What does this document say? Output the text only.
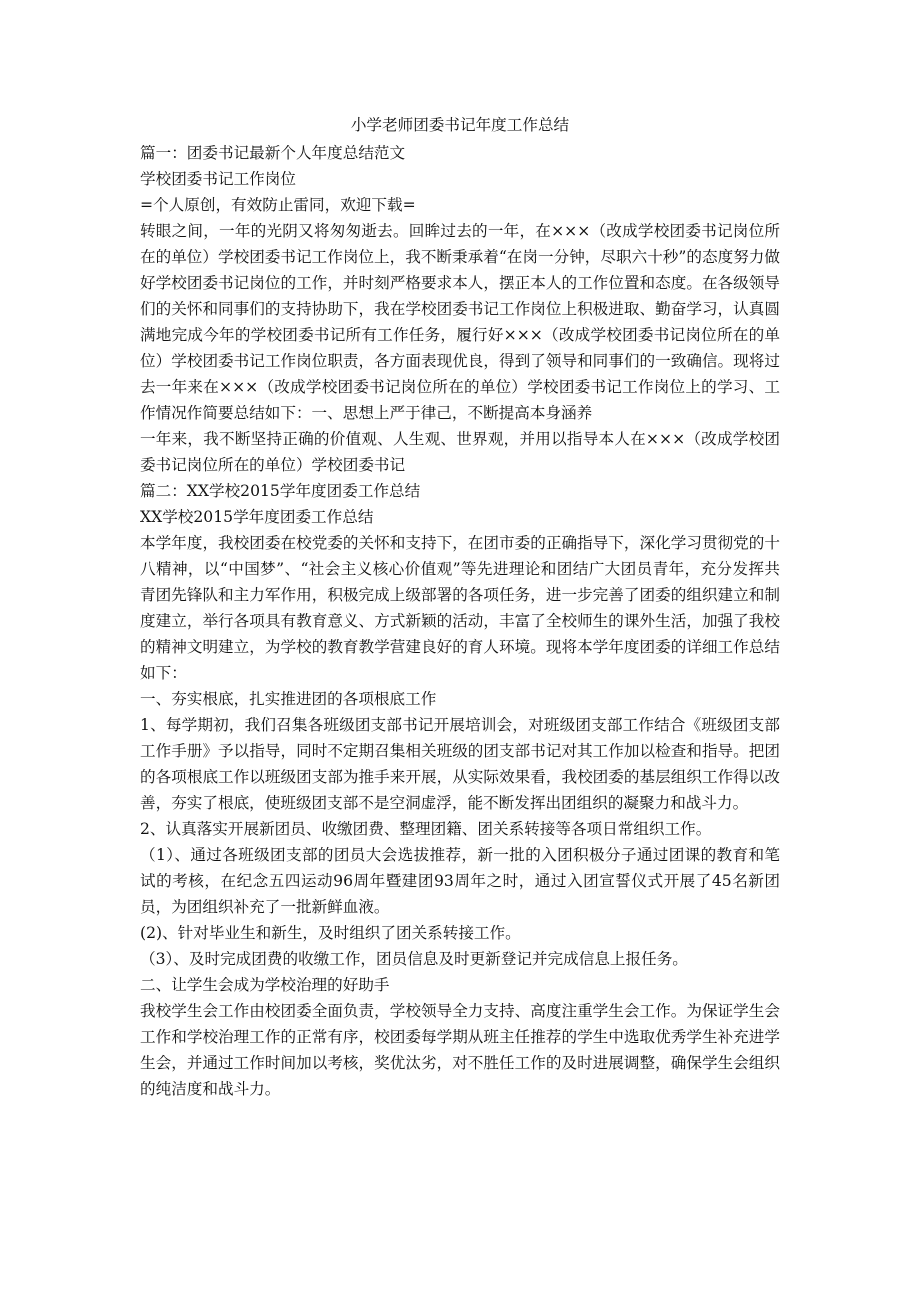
小学老师团委书记年度工作总结

篇一：团委书记最新个人年度总结范文

学校团委书记工作岗位

=个人原创，有效防止雷同，欢迎下载=

转眼之间，一年的光阴又将匆匆逝去。回眸过去的一年，在×××（改成学校团委书记岗位所在的单位）学校团委书记工作岗位上，我不断秉承着“在岗一分钟，尽职六十秒”的态度努力做好学校团委书记岗位的工作，并时刻严格要求本人，摆正本人的工作位置和态度。在各级领导们的关怀和同事们的支持协助下，我在学校团委书记工作岗位上积极进取、勤奋学习，认真圆满地完成今年的学校团委书记所有工作任务，履行好×××（改成学校团委书记岗位所在的单位）学校团委书记工作岗位职责，各方面表现优良，得到了领导和同事们的一致确信。现将过去一年来在×××（改成学校团委书记岗位所在的单位）学校团委书记工作岗位上的学习、工作情况作简要总结如下：一、思想上严于律己，不断提高本身涵养

一年来，我不断坚持正确的价值观、人生观、世界观，并用以指导本人在×××（改成学校团委书记岗位所在的单位）学校团委书记

篇二：XX学校2015学年度团委工作总结

XX学校2015学年度团委工作总结

本学年度，我校团委在校党委的关怀和支持下，在团市委的正确指导下，深化学习贯彻党的十八精神，以“中国梦”、“社会主义核心价值观”等先进理论和团结广大团员青年，充分发挥共青团先锋队和主力军作用，积极完成上级部署的各项任务，进一步完善了团委的组织建立和制度建立，举行各项具有教育意义、方式新颖的活动，丰富了全校师生的课外生活，加强了我校的精神文明建立，为学校的教育教学营建良好的育人环境。现将本学年度团委的详细工作总结如下：

一、夯实根底，扎实推进团的各项根底工作

1、每学期初，我们召集各班级团支部书记开展培训会，对班级团支部工作结合《班级团支部工作手册》予以指导，同时不定期召集相关班级的团支部书记对其工作加以检查和指导。把团的各项根底工作以班级团支部为推手来开展，从实际效果看，我校团委的基层组织工作得以改善，夯实了根底，使班级团支部不是空洞虚浮，能不断发挥出团组织的凝聚力和战斗力。

2、认真落实开展新团员、收缴团费、整理团籍、团关系转接等各项日常组织工作。

（1）、通过各班级团支部的团员大会选拔推荐，新一批的入团积极分子通过团课的教育和笔试的考核，在纪念五四运动96周年暨建团93周年之时，通过入团宣誓仪式开展了45名新团员，为团组织补充了一批新鲜血液。

(2)、针对毕业生和新生，及时组织了团关系转接工作。

（3）、及时完成团费的收缴工作，团员信息及时更新登记并完成信息上报任务。

二、让学生会成为学校治理的好助手

我校学生会工作由校团委全面负责，学校领导全力支持、高度注重学生会工作。为保证学生会工作和学校治理工作的正常有序，校团委每学期从班主任推荐的学生中选取优秀学生补充进学生会，并通过工作时间加以考核，奖优汰劣，对不胜任工作的及时进展调整，确保学生会组织的纯洁度和战斗力。
